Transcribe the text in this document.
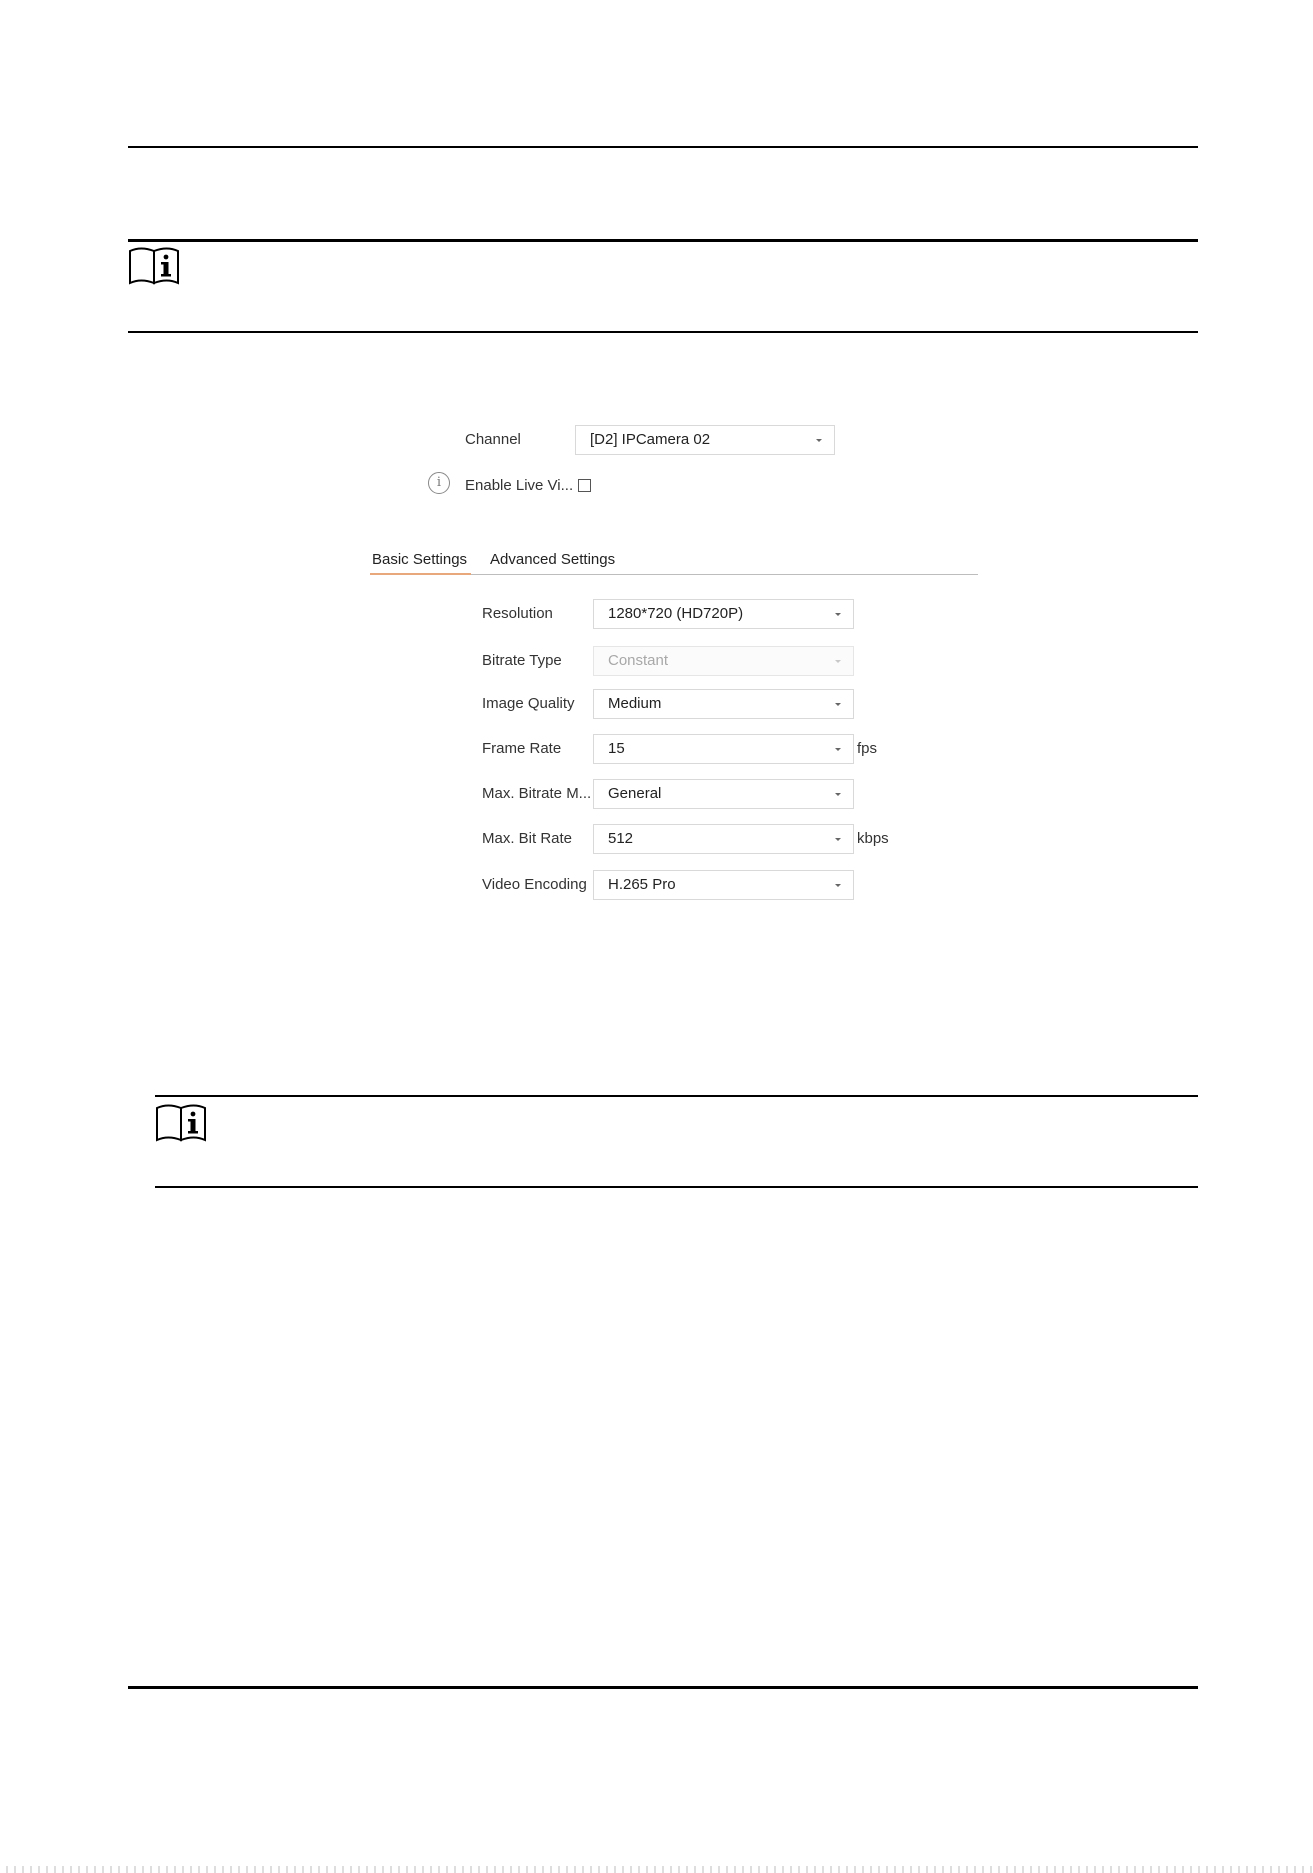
Channel	[D2] IPCamera 02
i	Enable Live Vi...
Basic Settings Advanced Settings
Resolution	1280*720 (HD720P)
Bitrate Type	Constant
Image Quality	Medium
Frame Rate	15	fps
Max. Bitrate M...	General
Max. Bit Rate	512	kbps
Video Encoding	H.265 Pro
